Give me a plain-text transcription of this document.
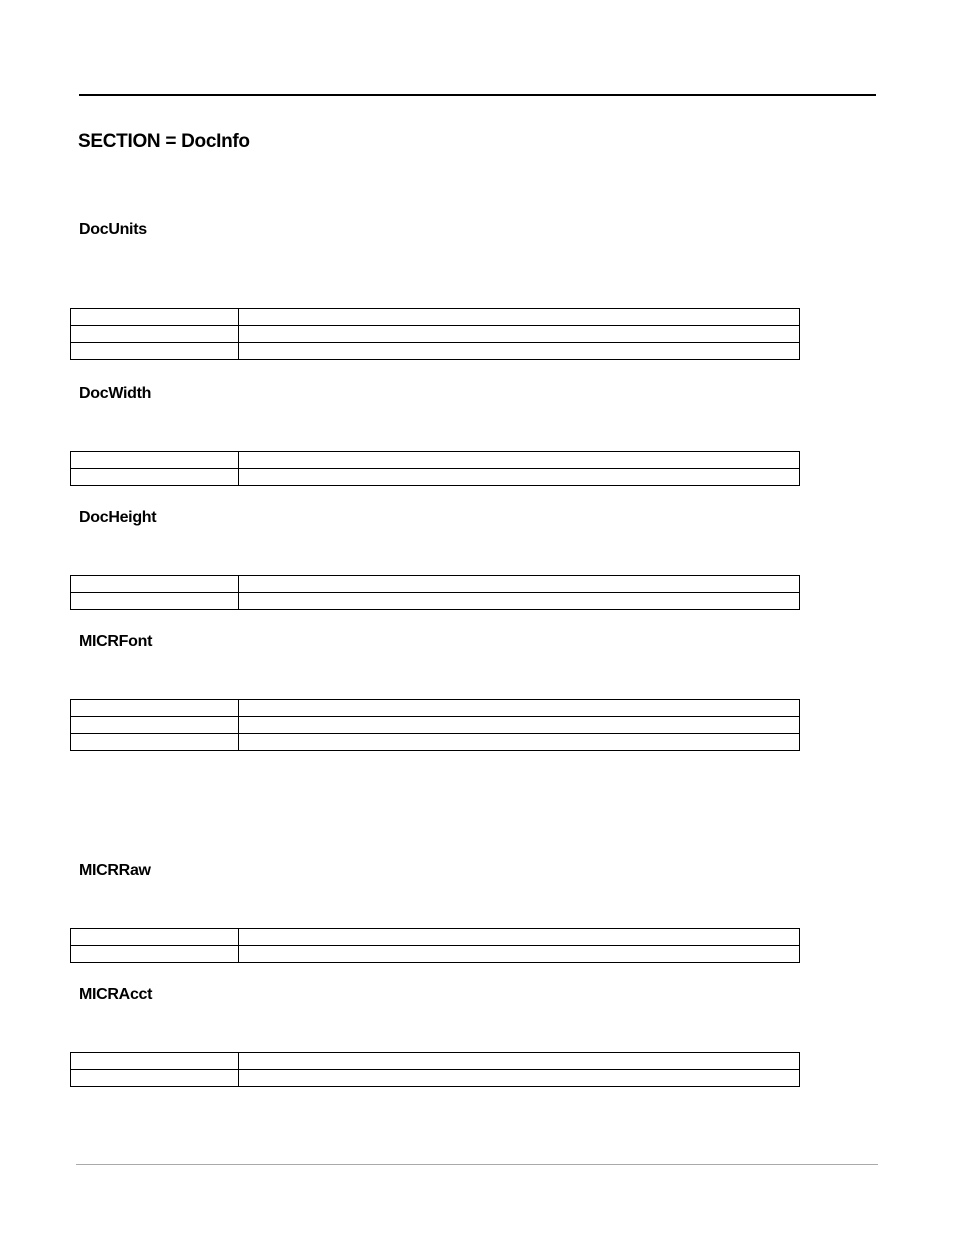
SECTION = DocInfo
DocUnits

DocWidth

DocHeight

MICRFont

MICRRaw

MICRAcct
